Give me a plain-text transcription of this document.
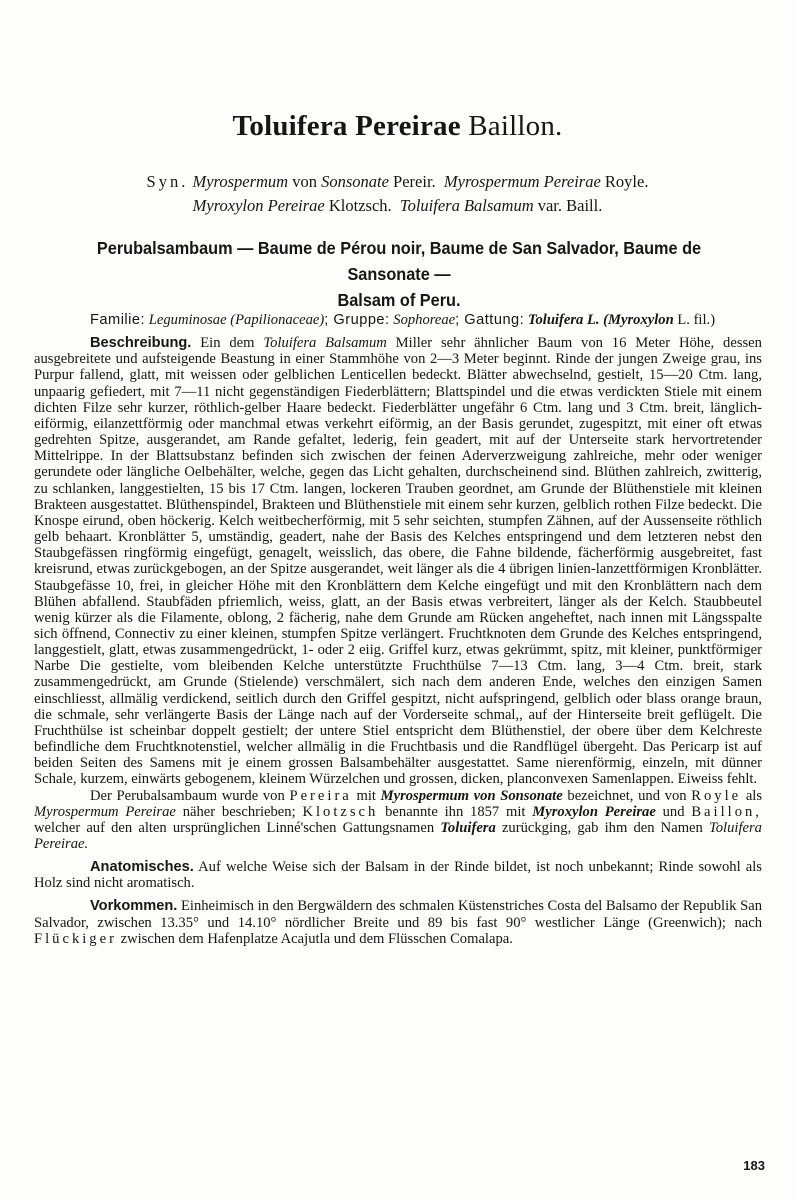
Toluifera Pereirae Baillon.
Syn. Myrospermum von Sonsonate Pereir. Myrospermum Pereirae Royle.
Myroxylon Pereirae Klotzsch. Toluifera Balsamum var. Baill.
Perubalsambaum — Baume de Pérou noir, Baume de San Salvador, Baume de Sansonate —
Balsam of Peru.

Familie: Leguminosae (Papilionaceae); Gruppe: Sophoreae; Gattung: Toluifera L. (Myroxylon L. fil.)

Beschreibung. Ein dem Toluifera Balsamum Miller sehr ähnlicher Baum von 16 Meter Höhe, dessen ausgebreitete und aufsteigende Beastung in einer Stammhöhe von 2—3 Meter beginnt. Rinde der jungen Zweige grau, ins Purpur fallend, glatt, mit weissen oder gelblichen Lenticellen bedeckt. Blätter abwechselnd, gestielt, 15—20 Ctm. lang, unpaarig gefiedert, mit 7—11 nicht gegenständigen Fiederblättern; Blattspindel und die etwas verdickten Stiele mit einem dichten Filze sehr kurzer, röthlich-gelber Haare bedeckt. Fiederblätter ungefähr 6 Ctm. lang und 3 Ctm. breit, länglich-eiförmig, eilanzettförmig oder manchmal etwas verkehrt eiförmig, an der Basis gerundet, zugespitzt, mit einer oft etwas gedrehten Spitze, ausgerandet, am Rande gefaltet, lederig, fein geadert, mit auf der Unterseite stark hervortretender Mittelrippe. In der Blattsubstanz befinden sich zwischen der feinen Aderverzweigung zahlreiche, mehr oder weniger gerundete oder längliche Oelbehälter, welche, gegen das Licht gehalten, durchscheinend sind. Blüthen zahlreich, zwitterig, zu schlanken, langgestielten, 15 bis 17 Ctm. langen, lockeren Trauben geordnet, am Grunde der Blüthenstiele mit kleinen Brakteen ausgestattet. Blüthenspindel, Brakteen und Blüthenstiele mit einem sehr kurzen, gelblich rothen Filze bedeckt. Die Knospe eirund, oben höckerig. Kelch weitbecherförmig, mit 5 sehr seichten, stumpfen Zähnen, auf der Aussenseite röthlich gelb behaart. Kronblätter 5, umständig, geadert, nahe der Basis des Kelches entspringend und dem letzteren nebst den Staubgefässen ringförmig eingefügt, genagelt, weisslich, das obere, die Fahne bildende, fächerförmig ausgebreitet, fast kreisrund, etwas zurückgebogen, an der Spitze ausgerandet, weit länger als die 4 übrigen linien-lanzettförmigen Kronblätter. Staubgefässe 10, frei, in gleicher Höhe mit den Kronblättern dem Kelche eingefügt und mit den Kronblättern nach dem Blühen abfallend. Staubfäden pfriemlich, weiss, glatt, an der Basis etwas verbreitert, länger als der Kelch. Staubbeutel wenig kürzer als die Filamente, oblong, 2 fächerig, nahe dem Grunde am Rücken angeheftet, nach innen mit Längsspalte sich öffnend, Connectiv zu einer kleinen, stumpfen Spitze verlängert. Fruchtknoten dem Grunde des Kelches entspringend, langgestielt, glatt, etwas zusammengedrückt, 1- oder 2 eiig. Griffel kurz, etwas gekrümmt, spitz, mit kleiner, punktförmiger Narbe Die gestielte, vom bleibenden Kelche unterstützte Fruchthülse 7—13 Ctm. lang, 3—4 Ctm. breit, stark zusammengedrückt, am Grunde (Stielende) verschmälert, sich nach dem anderen Ende, welches den einzigen Samen einschliesst, allmälig verdickend, seitlich durch den Griffel gespitzt, nicht aufspringend, gelblich oder blass orange braun, die schmale, sehr verlängerte Basis der Länge nach auf der Vorderseite schmal,, auf der Hinterseite breit geflügelt. Die Fruchthülse ist scheinbar doppelt gestielt; der untere Stiel entspricht dem Blüthenstiel, der obere über dem Kelchreste befindliche dem Fruchtknotenstiel, welcher allmälig in die Fruchtbasis und die Randflügel übergeht. Das Pericarp ist auf beiden Seiten des Samens mit je einem grossen Balsambehälter ausgestattet. Same nierenförmig, einzeln, mit dünner Schale, kurzem, einwärts gebogenem, kleinem Würzelchen und grossen, dicken, planconvexen Samenlappen. Eiweiss fehlt.

Der Perubalsambaum wurde von Pereira mit Myrospermum von Sonsonate bezeichnet, und von Royle als Myrospermum Pereirae näher beschrieben; Klotzsch benannte ihn 1857 mit Myroxylon Pereirae und Baillon, welcher auf den alten ursprünglichen Linné'schen Gattungsnamen Toluifera zurückging, gab ihm den Namen Toluifera Pereirae.

Anatomisches. Auf welche Weise sich der Balsam in der Rinde bildet, ist noch unbekannt; Rinde sowohl als Holz sind nicht aromatisch.

Vorkommen. Einheimisch in den Bergwäldern des schmalen Küstenstriches Costa del Balsamo der Republik San Salvador, zwischen 13.35° und 14.10° nördlicher Breite und 89 bis fast 90° westlicher Länge (Greenwich); nach Flückiger zwischen dem Hafenplatze Acajutla und dem Flüsschen Comalapa.

183
